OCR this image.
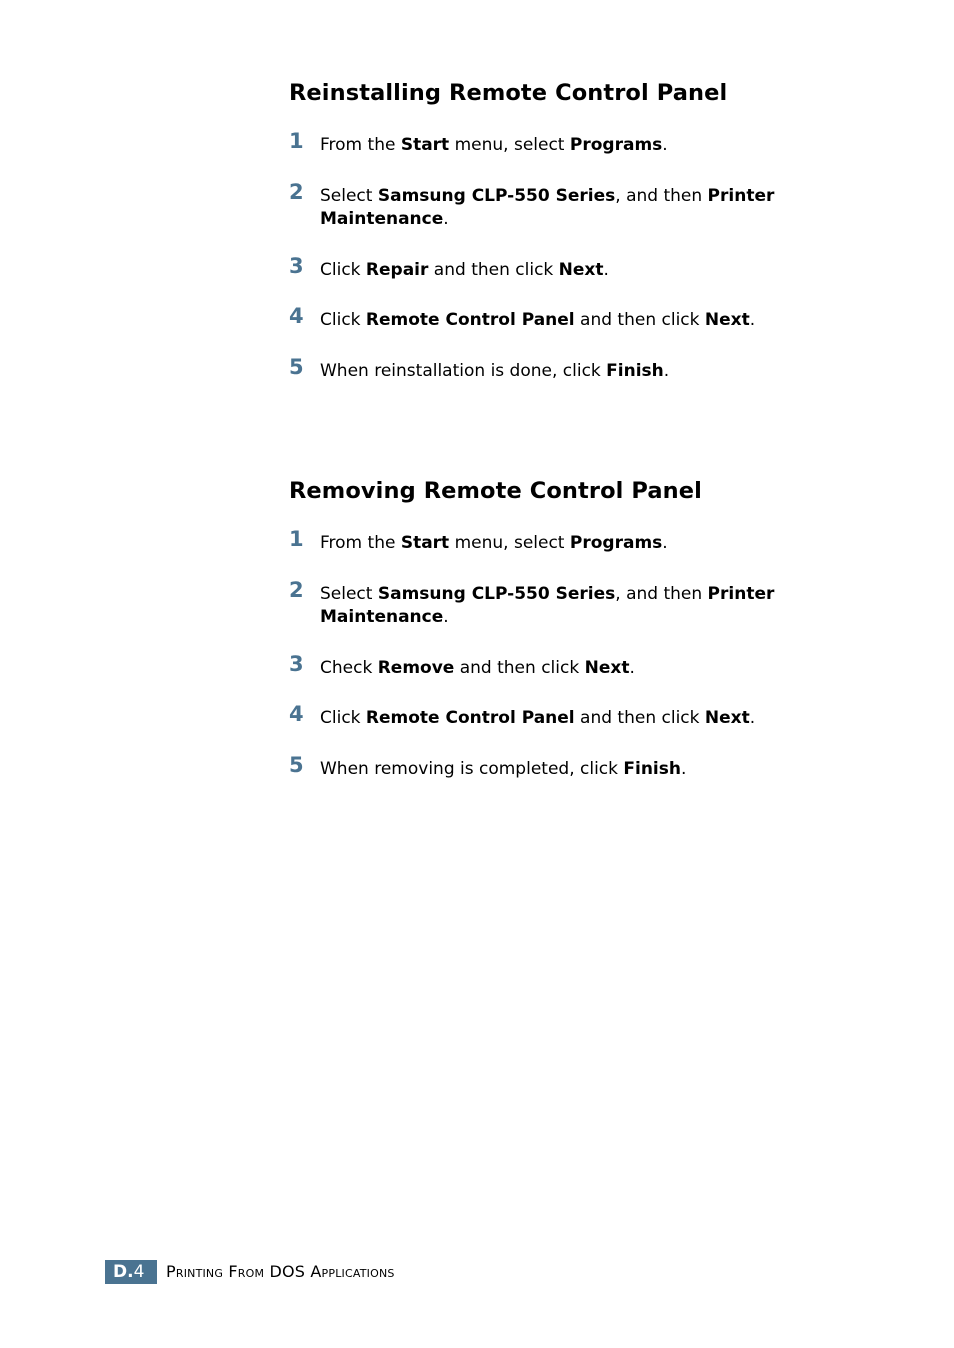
Reinstalling Remote Control Panel
1 From the Start menu, select Programs.
2 Select Samsung CLP-550 Series, and then Printer Maintenance.
3 Click Repair and then click Next.
4 Click Remote Control Panel and then click Next.
5 When reinstallation is done, click Finish.
Removing Remote Control Panel
1 From the Start menu, select Programs.
2 Select Samsung CLP-550 Series, and then Printer Maintenance.
3 Check Remove and then click Next.
4 Click Remote Control Panel and then click Next.
5 When removing is completed, click Finish.
D.4	Printing From DOS Applications
